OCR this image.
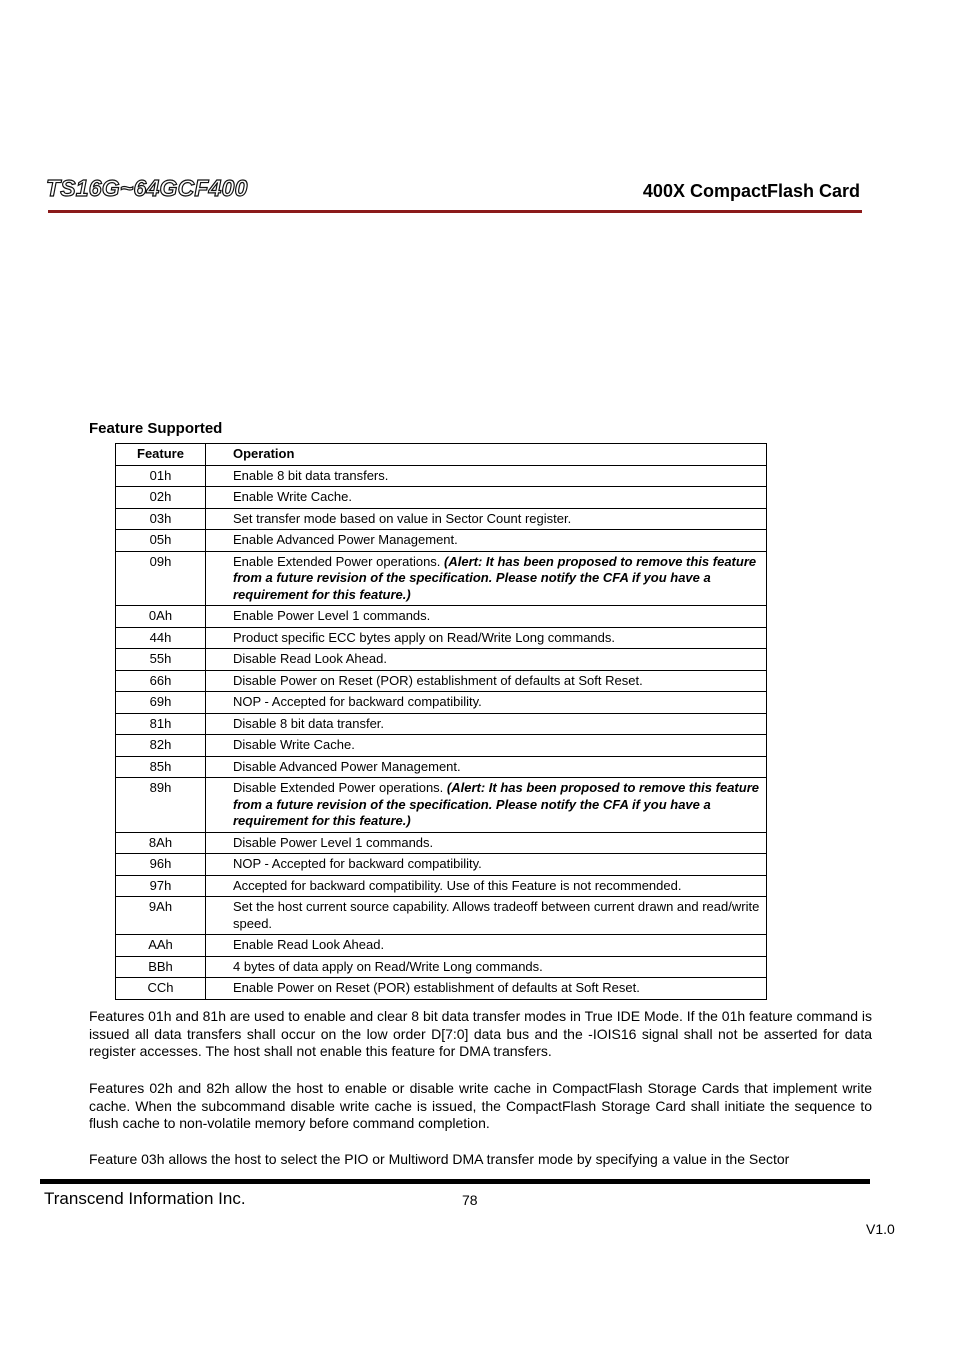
TS16G~64GCF400	400X CompactFlash Card
Feature Supported
Feature	Operation
01h	Enable 8 bit data transfers.
02h	Enable Write Cache.
03h	Set transfer mode based on value in Sector Count register.
05h	Enable Advanced Power Management.
09h	Enable Extended Power operations. (Alert: It has been proposed to remove this feature from a future revision of the specification. Please notify the CFA if you have a requirement for this feature.)
0Ah	Enable Power Level 1 commands.
44h	Product specific ECC bytes apply on Read/Write Long commands.
55h	Disable Read Look Ahead.
66h	Disable Power on Reset (POR) establishment of defaults at Soft Reset.
69h	NOP - Accepted for backward compatibility.
81h	Disable 8 bit data transfer.
82h	Disable Write Cache.
85h	Disable Advanced Power Management.
89h	Disable Extended Power operations. (Alert: It has been proposed to remove this feature from a future revision of the specification. Please notify the CFA if you have a requirement for this feature.)
8Ah	Disable Power Level 1 commands.
96h	NOP - Accepted for backward compatibility.
97h	Accepted for backward compatibility. Use of this Feature is not recommended.
9Ah	Set the host current source capability. Allows tradeoff between current drawn and read/write speed.
AAh	Enable Read Look Ahead.
BBh	4 bytes of data apply on Read/Write Long commands.
CCh	Enable Power on Reset (POR) establishment of defaults at Soft Reset.

Features 01h and 81h are used to enable and clear 8 bit data transfer modes in True IDE Mode. If the 01h feature command is issued all data transfers shall occur on the low order D[7:0] data bus and the -IOIS16 signal shall not be asserted for data register accesses. The host shall not enable this feature for DMA transfers.

Features 02h and 82h allow the host to enable or disable write cache in CompactFlash Storage Cards that implement write cache. When the subcommand disable write cache is issued, the CompactFlash Storage Card shall initiate the sequence to flush cache to non-volatile memory before command completion.

Feature 03h allows the host to select the PIO or Multiword DMA transfer mode by specifying a value in the Sector

Transcend Information Inc.	78
V1.0
